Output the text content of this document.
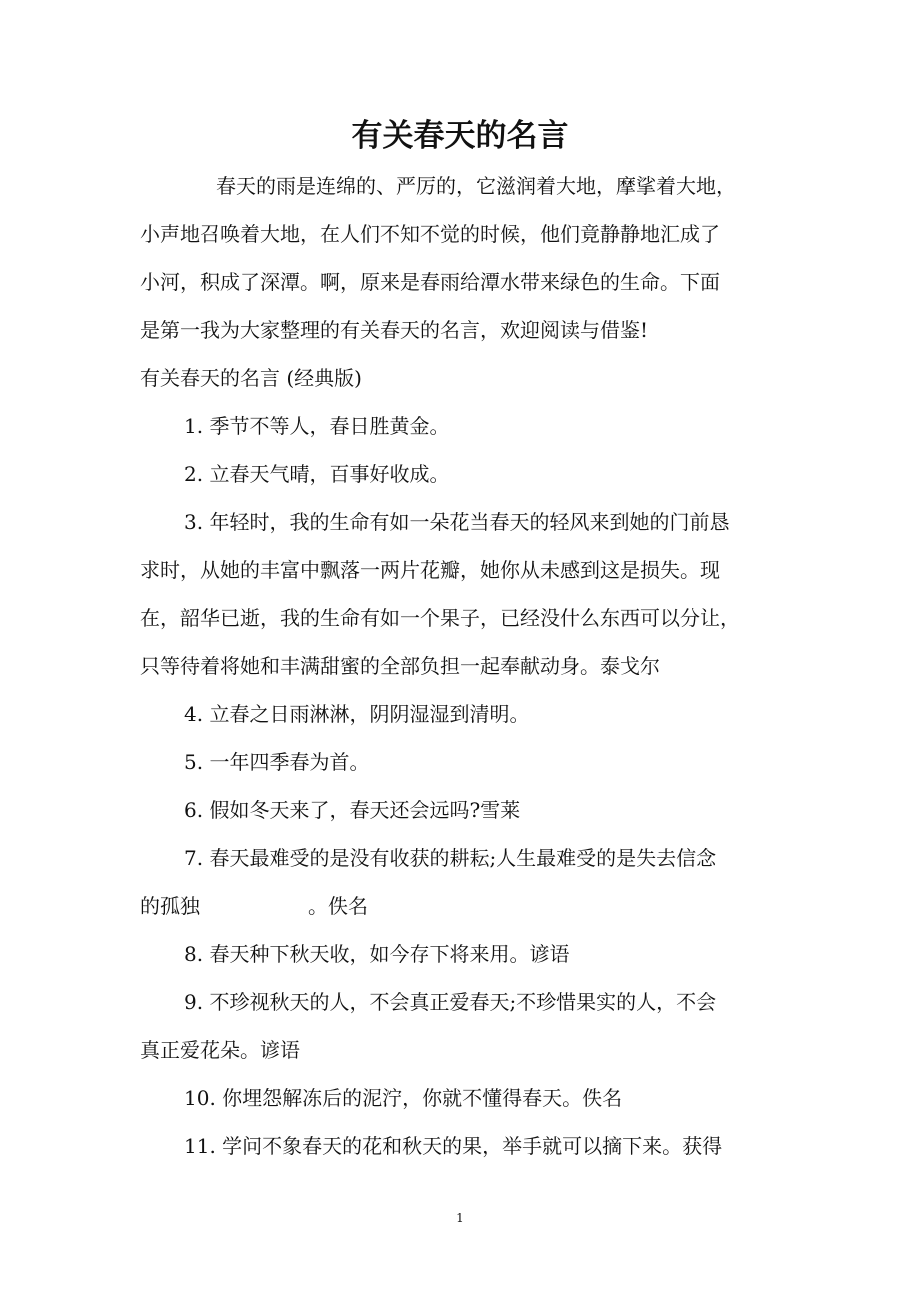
有关春天的名言

春天的雨是连绵的、严厉的，它滋润着大地，摩挲着大地，

小声地召唤着大地，在人们不知不觉的时候，他们竟静静地汇成了

小河，积成了深潭。啊，原来是春雨给潭水带来绿色的生命。下面

是第一我为大家整理的有关春天的名言，欢迎阅读与借鉴!

有关春天的名言 (经典版)

1. 季节不等人，春日胜黄金。

2. 立春天气晴，百事好收成。

3. 年轻时，我的生命有如一朵花当春天的轻风来到她的门前恳

求时，从她的丰富中飘落一两片花瓣，她你从未感到这是损失。现

在，韶华已逝，我的生命有如一个果子，已经没什么东西可以分让，

只等待着将她和丰满甜蜜的全部负担一起奉献动身。泰戈尔

4. 立春之日雨淋淋，阴阴湿湿到清明。

5. 一年四季春为首。

6. 假如冬天来了，春天还会远吗?雪莱

7. 春天最难受的是没有收获的耕耘;人生最难受的是失去信念

的孤独	。佚名

8. 春天种下秋天收，如今存下将来用。谚语

9. 不珍视秋天的人，不会真正爱春天;不珍惜果实的人，不会

真正爱花朵。谚语

10. 你埋怨解冻后的泥泞，你就不懂得春天。佚名

11. 学问不象春天的花和秋天的果，举手就可以摘下来。获得

1
